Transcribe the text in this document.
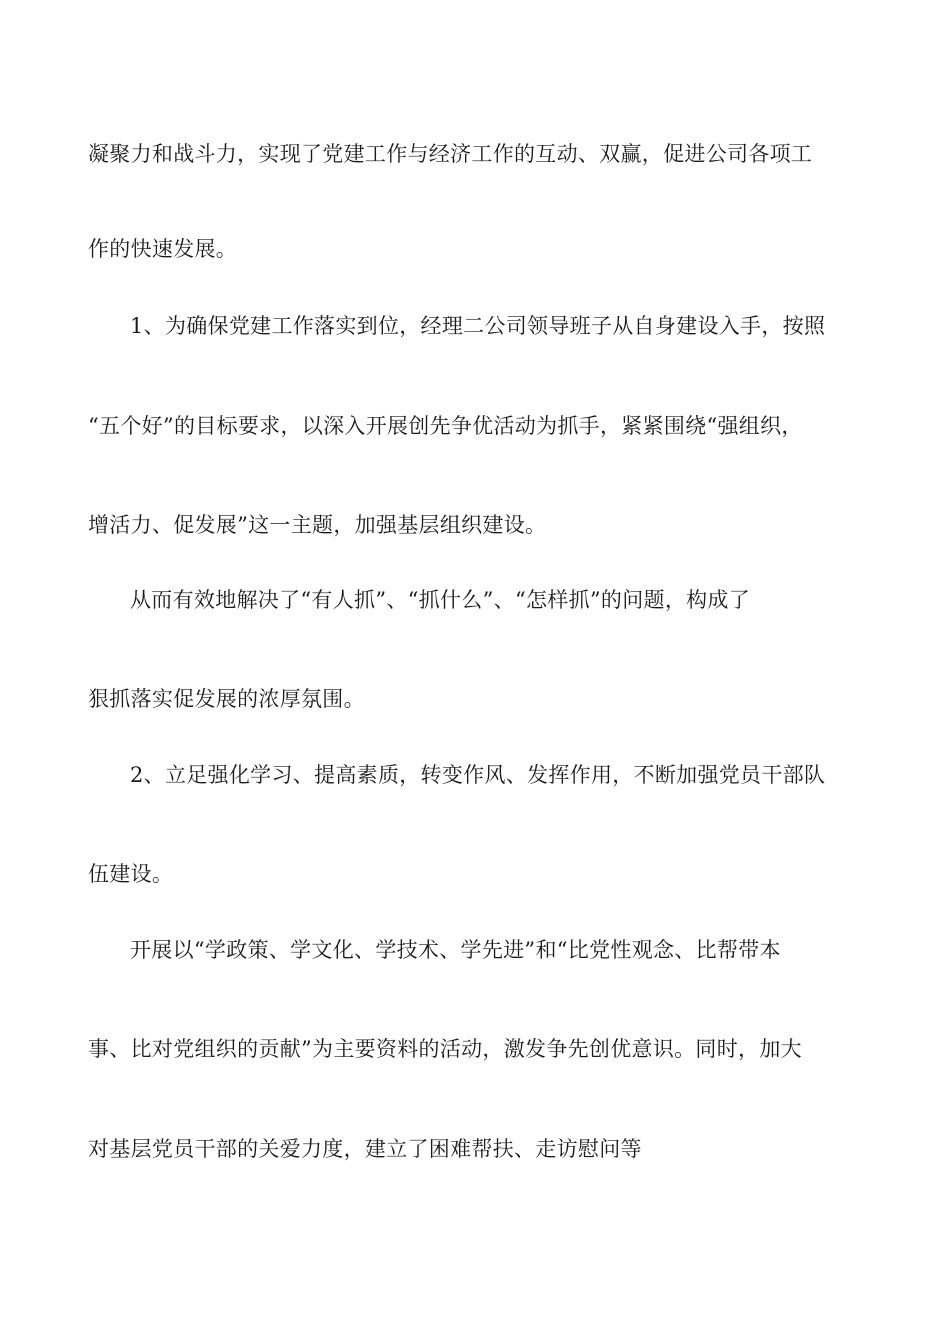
凝聚力和战斗力，实现了党建工作与经济工作的互动、双赢，促进公司各项工
作的快速发展。
1、为确保党建工作落实到位，经理二公司领导班子从自身建设入手，按照
“五个好”的目标要求，以深入开展创先争优活动为抓手，紧紧围绕“强组织，
增活力、促发展”这一主题，加强基层组织建设。
从而有效地解决了“有人抓”、“抓什么”、“怎样抓”的问题，构成了
狠抓落实促发展的浓厚氛围。
2、立足强化学习、提高素质，转变作风、发挥作用，不断加强党员干部队
伍建设。
开展以“学政策、学文化、学技术、学先进”和“比党性观念、比帮带本
事、比对党组织的贡献”为主要资料的活动，激发争先创优意识。同时，加大
对基层党员干部的关爱力度，建立了困难帮扶、走访慰问等
